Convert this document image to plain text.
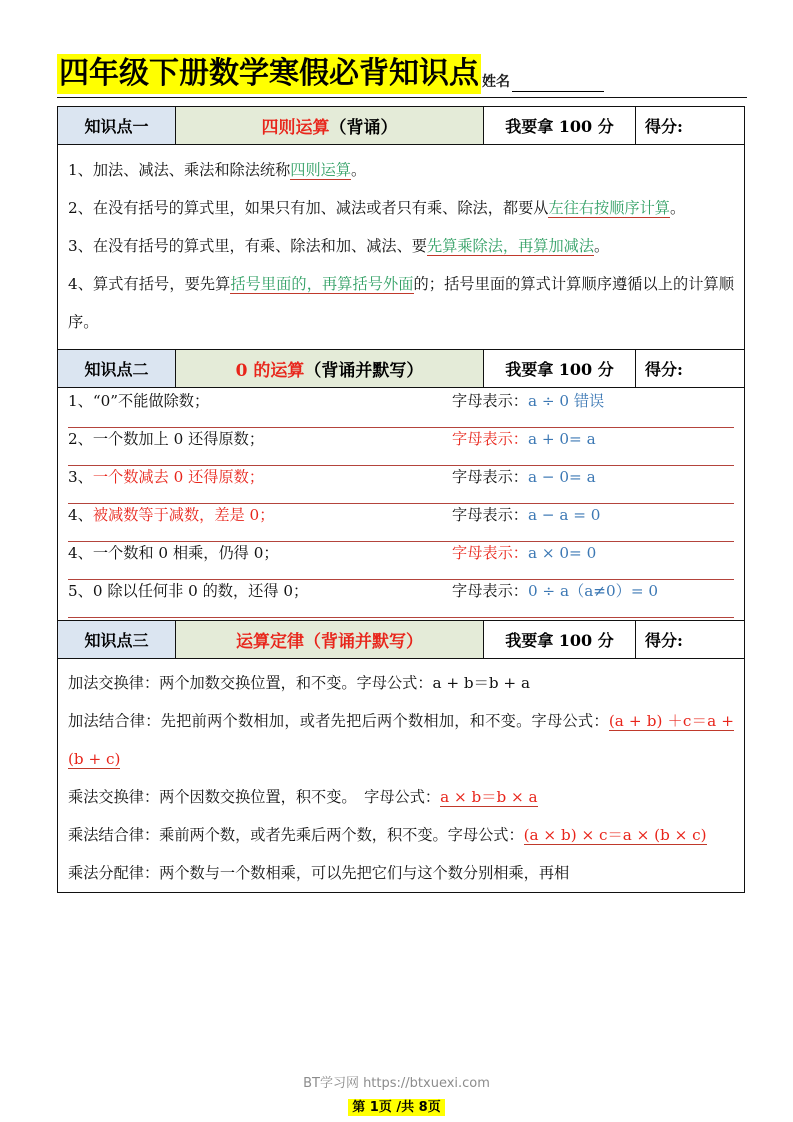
四年级下册数学寒假必背知识点 姓名
知识点一	四则运算 （背诵）	我要拿 100 分	得分:

1、加法、减法、乘法和除法统称四则运算。

2、在没有括号的算式里，如果只有加、减法或者只有乘、除法，都要从左往右按顺序计算。

3、在没有括号的算式里，有乘、除法和加、减法、要先算乘除法，再算加减法。

4、算式有括号，要先算括号里面的，再算括号外面的；括号里面的算式计算顺序遵循以上的计算顺序。

知识点二	0 的运算 （背诵并默写）	我要拿 100 分	得分:
1、“0”不能做除数；	字母表示：a ÷ 0 错误
2、一个数加上 0 还得原数；	字母表示：a + 0= a
3、一个数减去 0 还得原数；	字母表示：a − 0= a
4、被减数等于减数，差是 0；	字母表示：a − a = 0
4、一个数和 0 相乘，仍得 0；	字母表示：a × 0= 0
5、0 除以任何非 0 的数，还得 0；	字母表示：0 ÷ a（a≠0）= 0
知识点三	运算定律（背诵并默写）	我要拿 100 分	得分:

加法交换律：两个加数交换位置，和不变。字母公式：a + b＝b + a

加法结合律：先把前两个数相加，或者先把后两个数相加，和不变。字母公式：(a + b) ＋c＝a + (b + c)

乘法交换律：两个因数交换位置，积不变。　字母公式：a × b＝b × a

乘法结合律：乘前两个数，或者先乘后两个数，积不变。字母公式：(a × b) × c＝a × (b × c)

乘法分配律：两个数与一个数相乘，可以先把它们与这个数分别相乘，再相

BT学习网 https://btxuexi.com
第 1页 /共 8页
